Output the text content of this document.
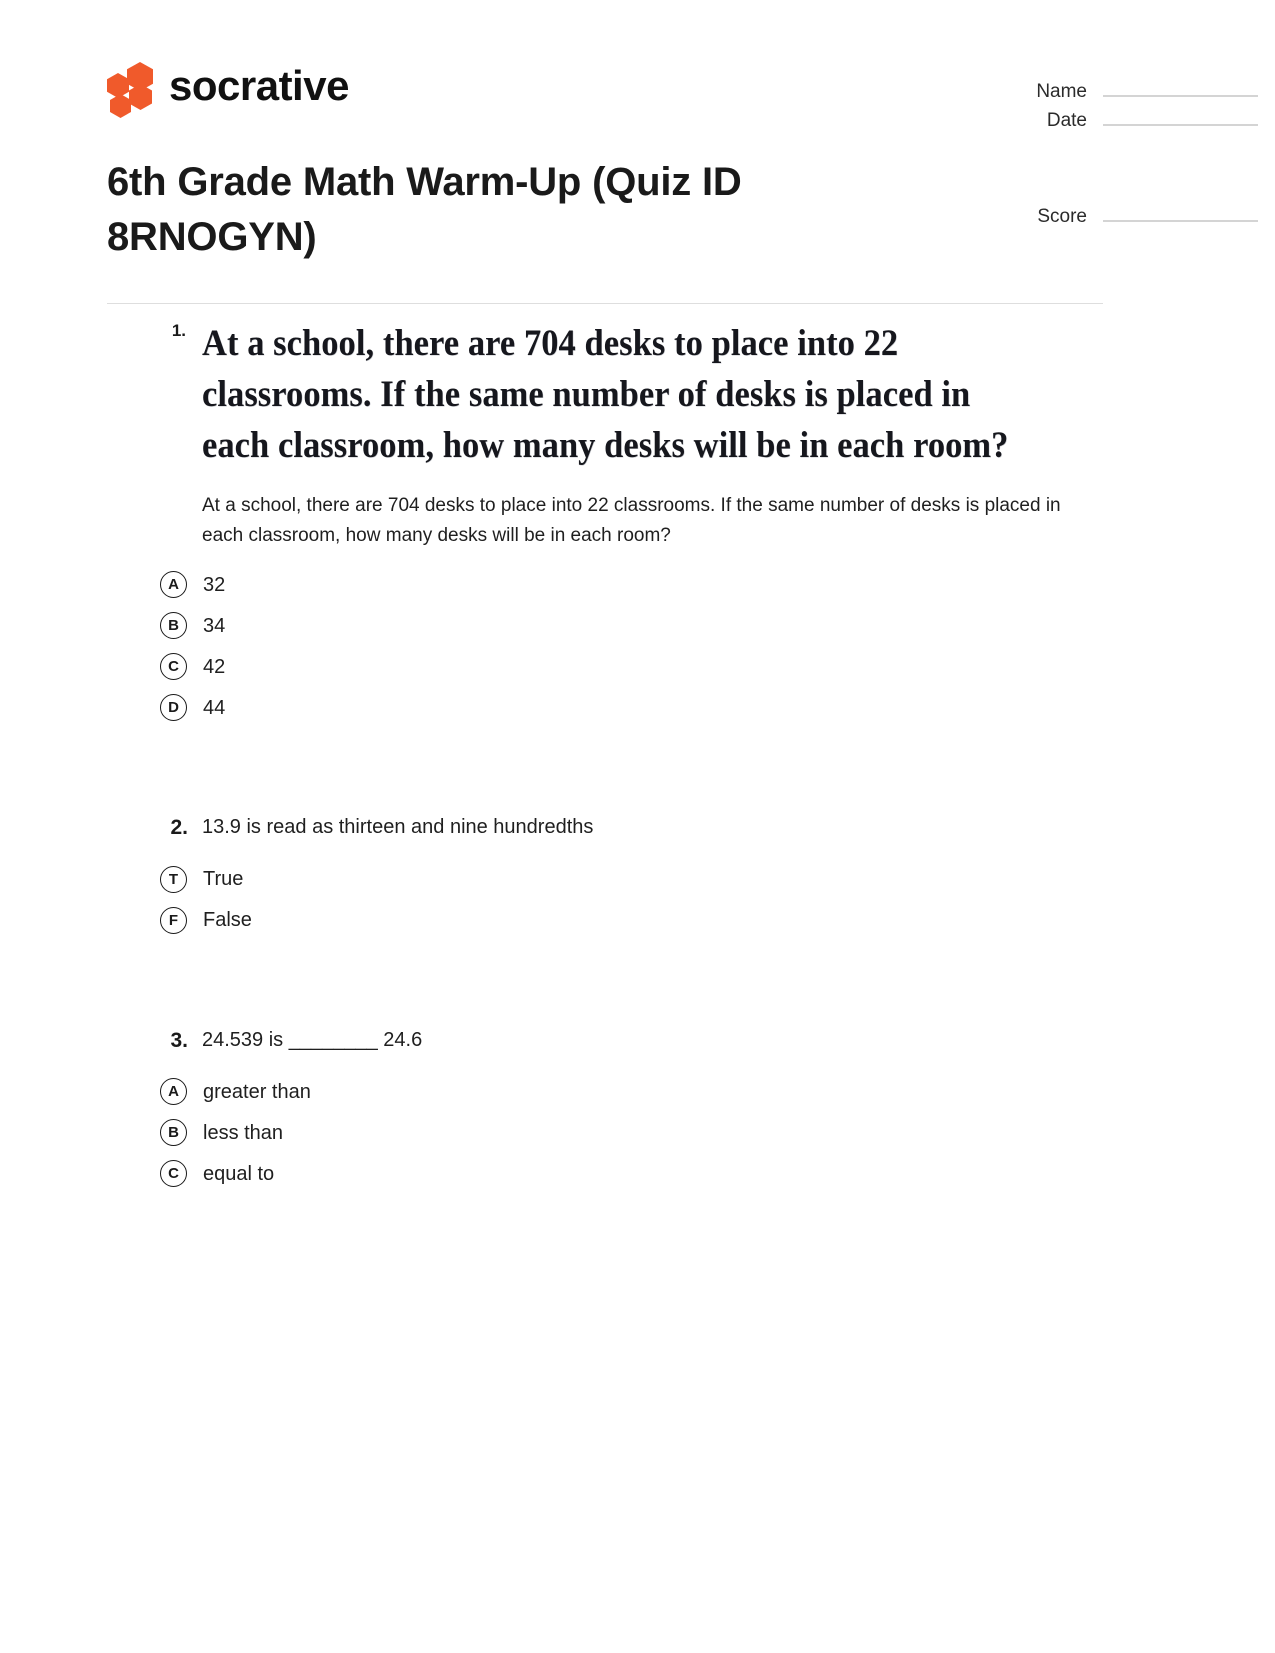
socrative	Name
Date
Score
6th Grade Math Warm-Up (Quiz ID 8RNOGYN)
1. At a school, there are 704 desks to place into 22 classrooms. If the same number of desks is placed in each classroom, how many desks will be in each room?
At a school, there are 704 desks to place into 22 classrooms. If the same number of desks is placed in each classroom, how many desks will be in each room?
A	32
B	34
C	42
D	44
2. 13.9 is read as thirteen and nine hundredths
T	True
F	False
3. 24.539 is ________ 24.6
A	greater than
B	less than
C	equal to
